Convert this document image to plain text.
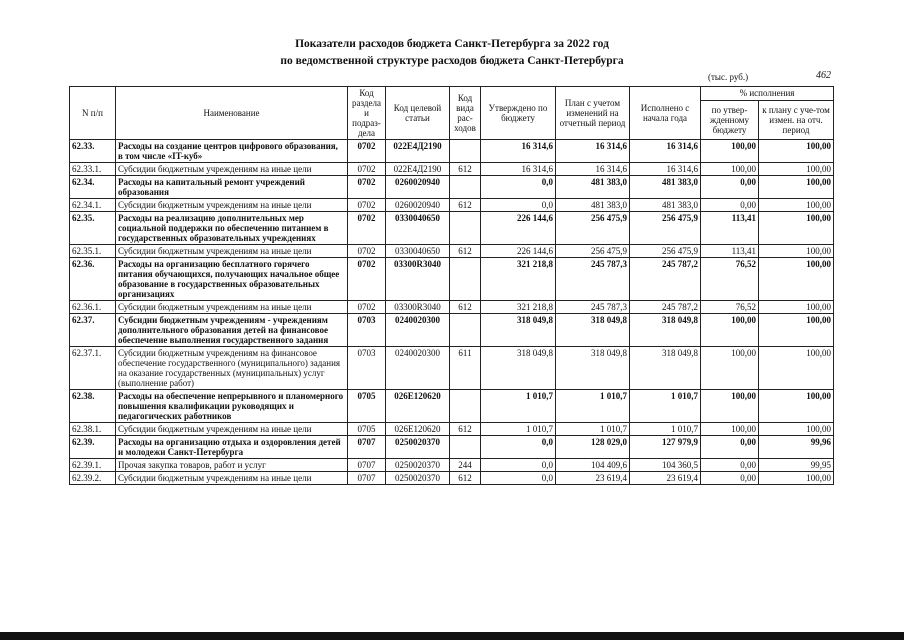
Показатели расходов бюджета Санкт-Петербурга за 2022 год
по ведомственной структуре расходов бюджета Санкт-Петербурга
(тыс. руб.)	462
N п/п	Наименование	Код раздела и подраз-дела	Код целевой статьи	Код вида рас-ходов	Утверждено по бюджету	План с учетом изменений на отчетный период	Исполнено с начала года	% исполнения	
								по утвер-жденному бюджету	к плану с уче-том измен. на отч. период
62.33.	Расходы на создание центров цифрового образования, в том числе «IT-куб»	0702	022Е4Д2190		16 314,6	16 314,6	16 314,6	100,00	100,00
62.33.1.	Субсидии бюджетным учреждениям на иные цели	0702	022Е4Д2190	612	16 314,6	16 314,6	16 314,6	100,00	100,00
62.34.	Расходы на капитальный ремонт учреждений образования	0702	0260020940		0,0	481 383,0	481 383,0	0,00	100,00
62.34.1.	Субсидии бюджетным учреждениям на иные цели	0702	0260020940	612	0,0	481 383,0	481 383,0	0,00	100,00
62.35.	Расходы на реализацию дополнительных мер социальной поддержки по обеспечению питанием в государственных образовательных учреждениях	0702	0330040650		226 144,6	256 475,9	256 475,9	113,41	100,00
62.35.1.	Субсидии бюджетным учреждениям на иные цели	0702	0330040650	612	226 144,6	256 475,9	256 475,9	113,41	100,00
62.36.	Расходы на организацию бесплатного горячего питания обучающихся, получающих начальное общее образование в государственных образовательных организациях	0702	03300R3040		321 218,8	245 787,3	245 787,2	76,52	100,00
62.36.1.	Субсидии бюджетным учреждениям на иные цели	0702	03300R3040	612	321 218,8	245 787,3	245 787,2	76,52	100,00
62.37.	Субсидии бюджетным учреждениям - учреждениям дополнительного образования детей на финансовое обеспечение выполнения государственного задания	0703	0240020300		318 049,8	318 049,8	318 049,8	100,00	100,00
62.37.1.	Субсидии бюджетным учреждениям на финансовое обеспечение государственного (муниципального) задания на оказание государственных (муниципальных) услуг (выполнение работ)	0703	0240020300	611	318 049,8	318 049,8	318 049,8	100,00	100,00
62.38.	Расходы на обеспечение непрерывного и планомерного повышения квалификации руководящих и педагогических работников	0705	026Е120620		1 010,7	1 010,7	1 010,7	100,00	100,00
62.38.1.	Субсидии бюджетным учреждениям на иные цели	0705	026Е120620	612	1 010,7	1 010,7	1 010,7	100,00	100,00
62.39.	Расходы на организацию отдыха и оздоровления детей и молодежи Санкт-Петербурга	0707	0250020370		0,0	128 029,0	127 979,9	0,00	99,96
62.39.1.	Прочая закупка товаров, работ и услуг	0707	0250020370	244	0,0	104 409,6	104 360,5	0,00	99,95
62.39.2.	Субсидии бюджетным учреждениям на иные цели	0707	0250020370	612	0,0	23 619,4	23 619,4	0,00	100,00
